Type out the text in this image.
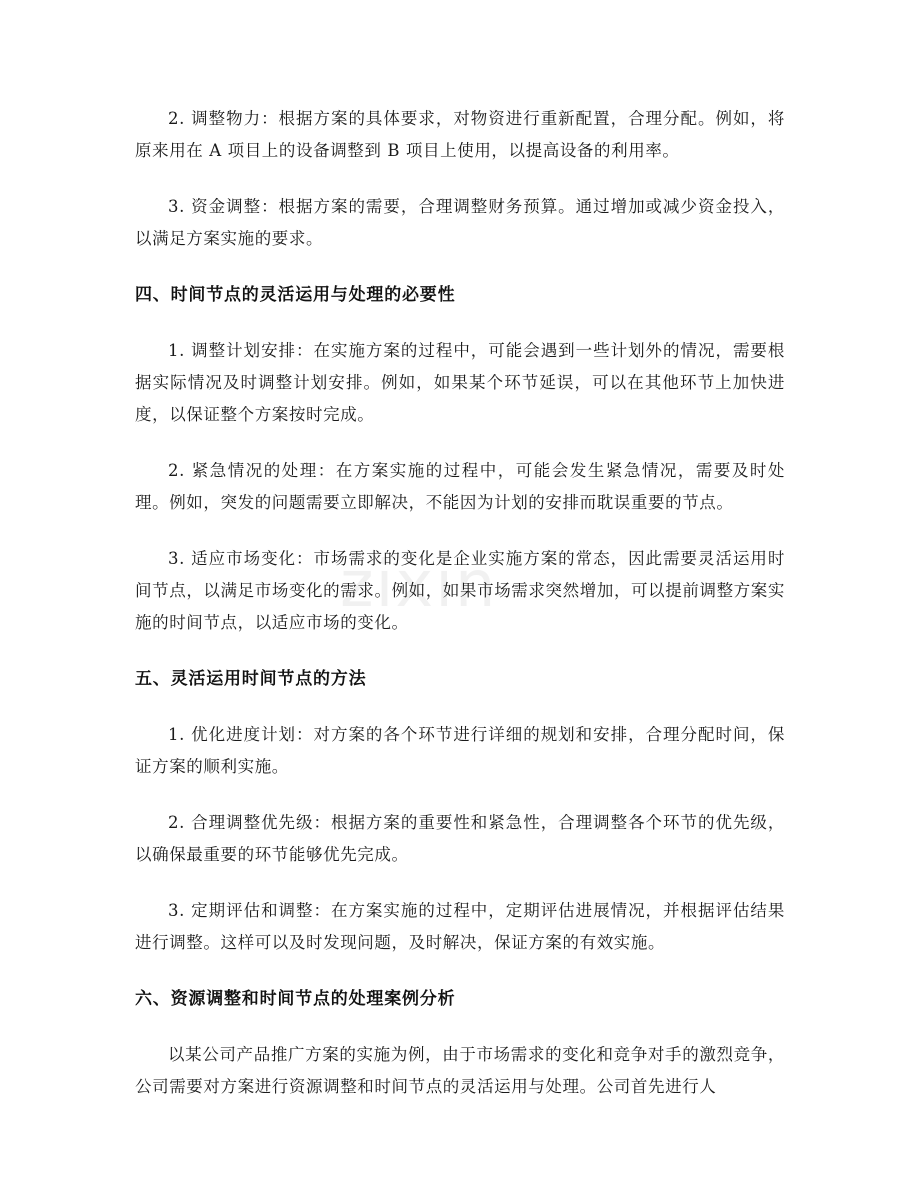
zixin

2. 调整物力：根据方案的具体要求，对物资进行重新配置，合理分配。例如，将原来用在 A 项目上的设备调整到 B 项目上使用，以提高设备的利用率。

3. 资金调整：根据方案的需要，合理调整财务预算。通过增加或减少资金投入，以满足方案实施的要求。

四、时间节点的灵活运用与处理的必要性

1. 调整计划安排：在实施方案的过程中，可能会遇到一些计划外的情况，需要根据实际情况及时调整计划安排。例如，如果某个环节延误，可以在其他环节上加快进度，以保证整个方案按时完成。

2. 紧急情况的处理：在方案实施的过程中，可能会发生紧急情况，需要及时处理。例如，突发的问题需要立即解决，不能因为计划的安排而耽误重要的节点。

3. 适应市场变化：市场需求的变化是企业实施方案的常态，因此需要灵活运用时间节点，以满足市场变化的需求。例如，如果市场需求突然增加，可以提前调整方案实施的时间节点，以适应市场的变化。

五、灵活运用时间节点的方法

1. 优化进度计划：对方案的各个环节进行详细的规划和安排，合理分配时间，保证方案的顺利实施。

2. 合理调整优先级：根据方案的重要性和紧急性，合理调整各个环节的优先级，以确保最重要的环节能够优先完成。

3. 定期评估和调整：在方案实施的过程中，定期评估进展情况，并根据评估结果进行调整。这样可以及时发现问题，及时解决，保证方案的有效实施。

六、资源调整和时间节点的处理案例分析

以某公司产品推广方案的实施为例，由于市场需求的变化和竞争对手的激烈竞争，公司需要对方案进行资源调整和时间节点的灵活运用与处理。公司首先进行人
